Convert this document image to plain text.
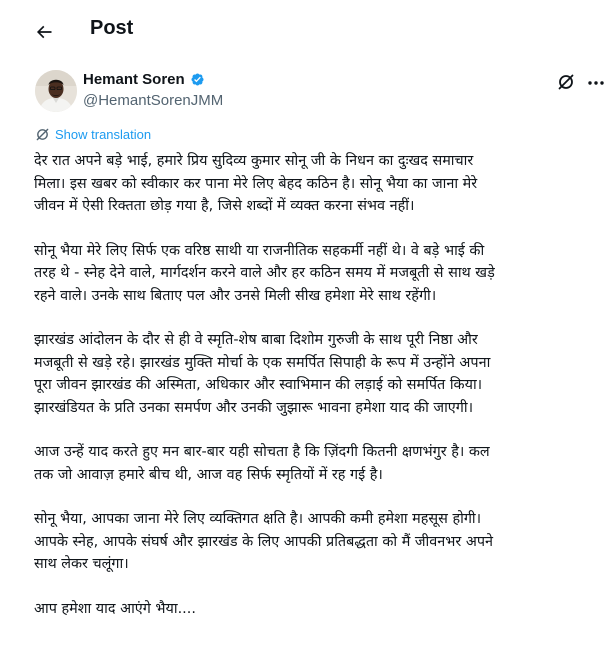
Post
Hemant Soren
@HemantSorenJMM
Show translation
देर रात अपने बड़े भाई, हमारे प्रिय सुदिव्य कुमार सोनू जी के निधन का दुःखद समाचार
मिला। इस खबर को स्वीकार कर पाना मेरे लिए बेहद कठिन है। सोनू भैया का जाना मेरे
जीवन में ऐसी रिक्तता छोड़ गया है, जिसे शब्दों में व्यक्त करना संभव नहीं।
सोनू भैया मेरे लिए सिर्फ एक वरिष्ठ साथी या राजनीतिक सहकर्मी नहीं थे। वे बड़े भाई की
तरह थे - स्नेह देने वाले, मार्गदर्शन करने वाले और हर कठिन समय में मजबूती से साथ खड़े
रहने वाले। उनके साथ बिताए पल और उनसे मिली सीख हमेशा मेरे साथ रहेंगी।
झारखंड आंदोलन के दौर से ही वे स्मृति-शेष बाबा दिशोम गुरुजी के साथ पूरी निष्ठा और
मजबूती से खड़े रहे। झारखंड मुक्ति मोर्चा के एक समर्पित सिपाही के रूप में उन्होंने अपना
पूरा जीवन झारखंड की अस्मिता, अधिकार और स्वाभिमान की लड़ाई को समर्पित किया।
झारखंडियत के प्रति उनका समर्पण और उनकी जुझारू भावना हमेशा याद की जाएगी।
आज उन्हें याद करते हुए मन बार-बार यही सोचता है कि ज़िंदगी कितनी क्षणभंगुर है। कल
तक जो आवाज़ हमारे बीच थी, आज वह सिर्फ स्मृतियों में रह गई है।
सोनू भैया, आपका जाना मेरे लिए व्यक्तिगत क्षति है। आपकी कमी हमेशा महसूस होगी।
आपके स्नेह, आपके संघर्ष और झारखंड के लिए आपकी प्रतिबद्धता को मैं जीवनभर अपने
साथ लेकर चलूंगा।
आप हमेशा याद आएंगे भैया....
